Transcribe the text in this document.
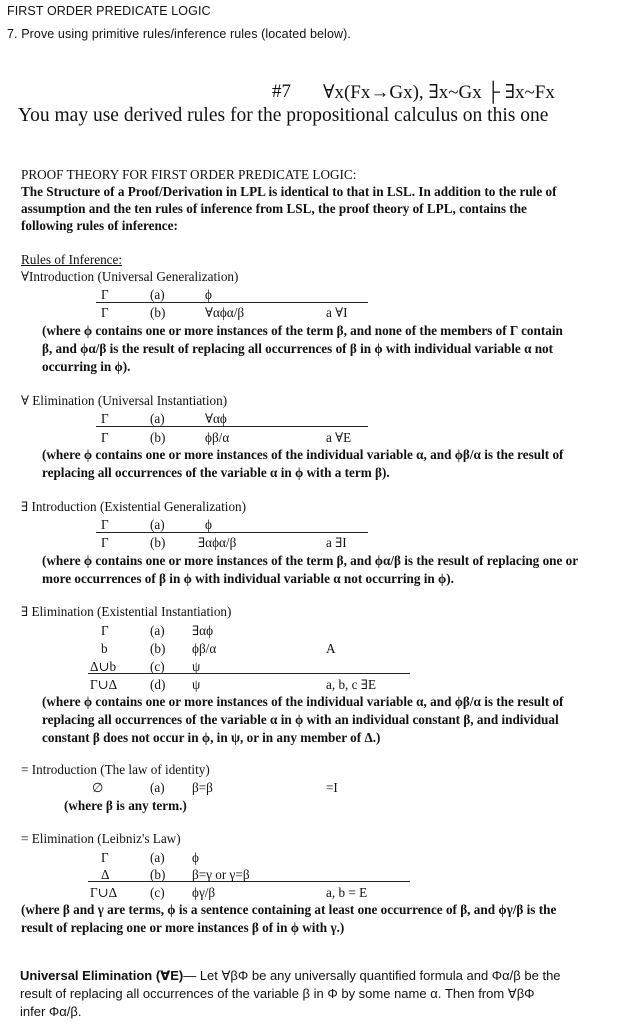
FIRST ORDER PREDICATE LOGIC
7. Prove using primitive rules/inference rules (located below).
#7 ∀x(Fx→Gx), ∃x~Gx ├ ∃x~Fx
You may use derived rules for the propositional calculus on this one
PROOF THEORY FOR FIRST ORDER PREDICATE LOGIC:
The Structure of a Proof/Derivation in LPL is identical to that in LSL. In addition to the rule of
assumption and the ten rules of inference from LSL, the proof theory of LPL, contains the
following rules of inference:
Rules of Inference:
∀Introduction (Universal Generalization)
Γ	(a)	ϕ
Γ	(b)	∀αϕα/β	a ∀I
(where ϕ contains one or more instances of the term β, and none of the members of Γ contain
β, and ϕα/β is the result of replacing all occurrences of β in ϕ with individual variable α not
occurring in ϕ).
∀ Elimination (Universal Instantiation)
Γ	(a)	∀αϕ
Γ	(b)	ϕβ/α	a ∀E
(where ϕ contains one or more instances of the individual variable α, and ϕβ/α is the result of
replacing all occurrences of the variable α in ϕ with a term β).
∃ Introduction (Existential Generalization)
Γ	(a)	ϕ
Γ	(b) ∃αϕα/β	a ∃I
(where ϕ contains one or more instances of the term β, and ϕα/β is the result of replacing one or
more occurrences of β in ϕ with individual variable α not occurring in ϕ).
∃ Elimination (Existential Instantiation)
Γ	(a) ∃αϕ
b	(b) ϕβ/α	A
Δ∪b	(c) ψ
Γ∪Δ (d) ψ	a, b, c ∃E
(where ϕ contains one or more instances of the individual variable α, and ϕβ/α is the result of
replacing all occurrences of the variable α in ϕ with an individual constant β, and individual
constant β does not occur in ϕ, in ψ, or in any member of Δ.)
= Introduction (The law of identity)
∅	(a) β=β	=I
(where β is any term.)
= Elimination (Leibniz's Law)
Γ	(a) ϕ
Δ	(b) β=γ or γ=β
Γ∪Δ (c) ϕγ/β	a, b = E
(where β and γ are terms, ϕ is a sentence containing at least one occurrence of β, and ϕγ/β is the
result of replacing one or more instances β of in ϕ with γ.)
Universal Elimination (∀E)— Let ∀βΦ be any universally quantified formula and Φα/β be the
result of replacing all occurrences of the variable β in Φ by some name α. Then from ∀βΦ
infer Φα/β.
